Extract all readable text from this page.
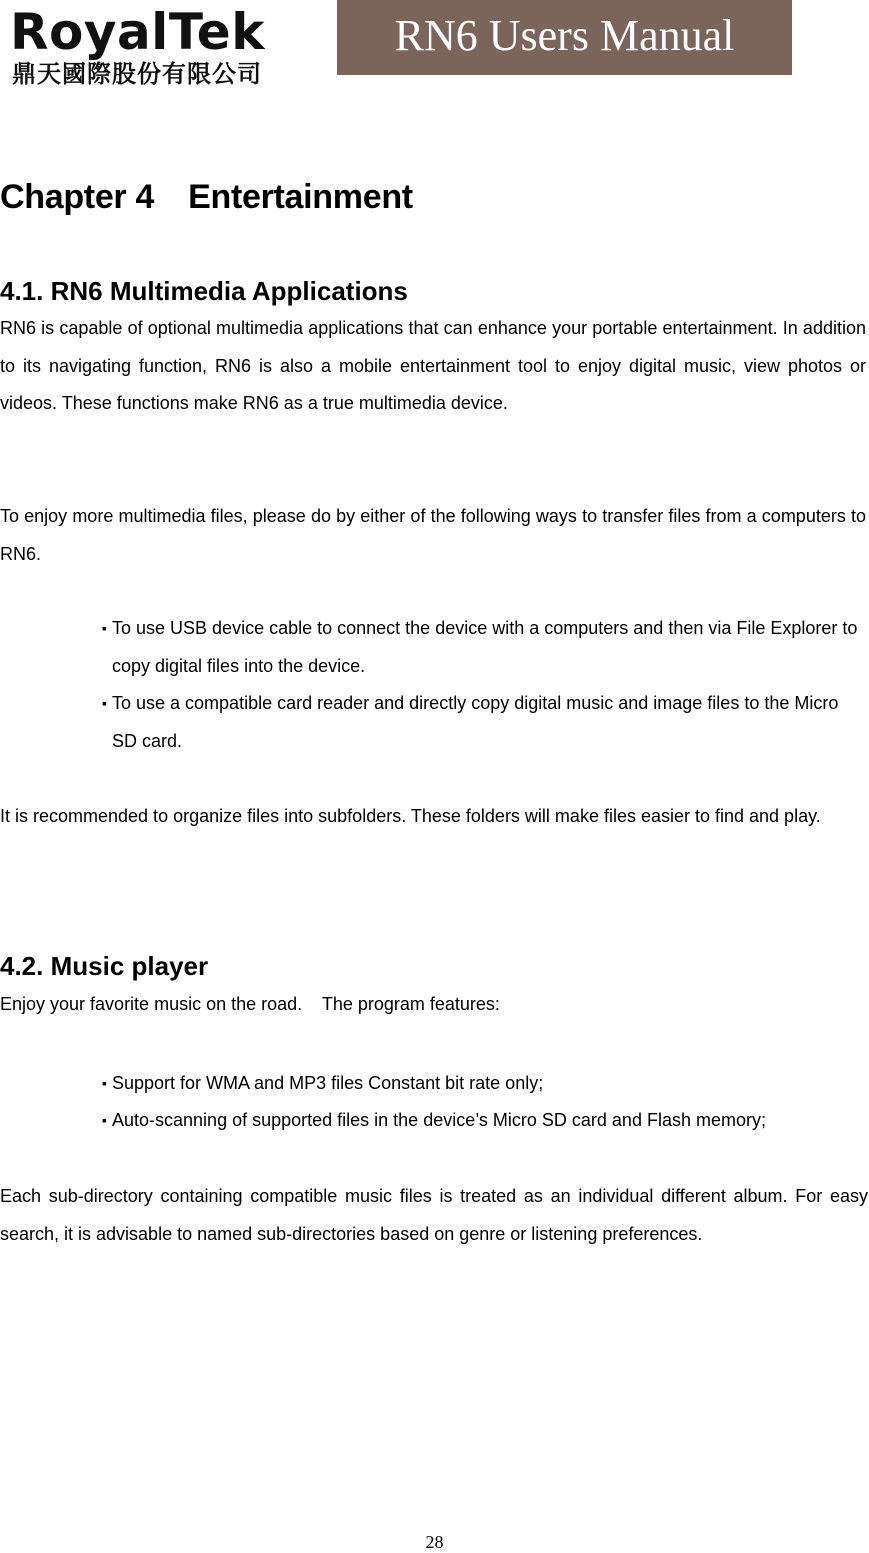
RoyalTek
鼎天國際股份有限公司
RN6 Users Manual
Chapter 4 Entertainment
4.1. RN6 Multimedia Applications

RN6 is capable of optional multimedia applications that can enhance your portable entertainment. In addition to its navigating function, RN6 is also a mobile entertainment tool to enjoy digital music, view photos or videos. These functions make RN6 as a true multimedia device.

To enjoy more multimedia files, please do by either of the following ways to transfer files from a computers to RN6.

▪ To use USB device cable to connect the device with a computers and then via File Explorer to copy digital files into the device.
▪ To use a compatible card reader and directly copy digital music and image files to the Micro SD card.

It is recommended to organize files into subfolders. These folders will make files easier to find and play.

4.2. Music player

Enjoy your favorite music on the road.    The program features:

▪ Support for WMA and MP3 files Constant bit rate only;
▪ Auto-scanning of supported files in the device’s Micro SD card and Flash memory;

Each sub-directory containing compatible music files is treated as an individual different album. For easy search, it is advisable to named sub-directories based on genre or listening preferences.

28
